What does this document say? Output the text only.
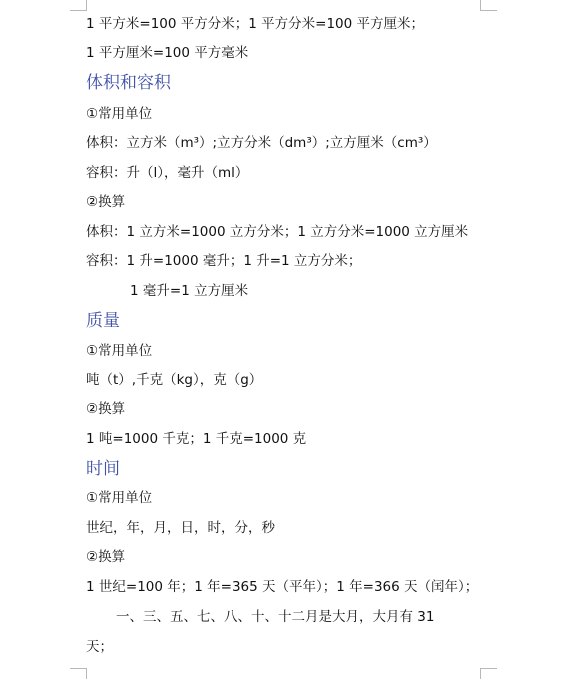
1 平方米=100 平方分米；1 平方分米=100 平方厘米；
1 平方厘米=100 平方毫米
体积和容积
①常用单位
体积：立方米（m³）;立方分米（dm³）;立方厘米（cm³）
容积：升（l），毫升（ml）
②换算
体积：1 立方米=1000 立方分米；1 立方分米=1000 立方厘米
容积：1 升=1000 毫升；1 升=1 立方分米；
1 毫升=1 立方厘米
质量
①常用单位
吨（t）,千克（kg），克（g）
②换算
1 吨=1000 千克；1 千克=1000 克
时间
①常用单位
世纪，年，月，日，时，分，秒
②换算
1 世纪=100 年；1 年=365 天（平年）；1 年=366 天（闰年）；
一、三、五、七、八、十、十二月是大月，大月有 31
天；
